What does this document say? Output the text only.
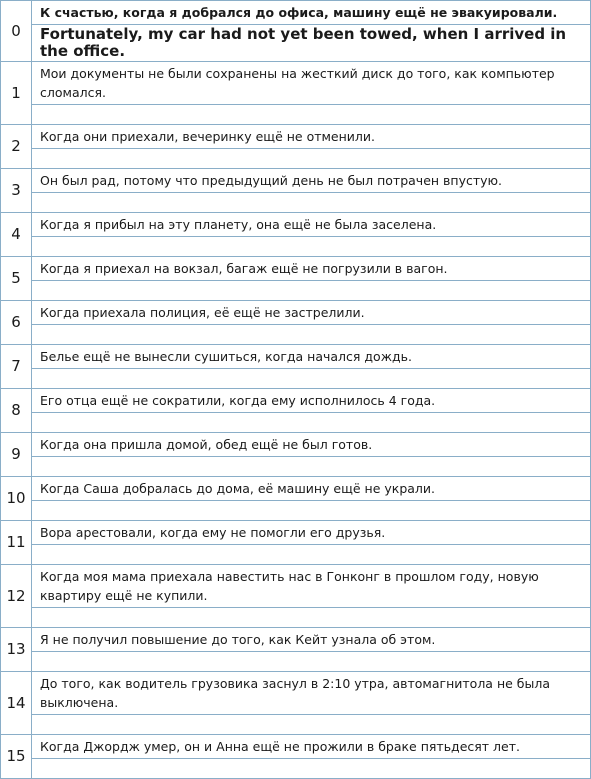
0	К счастью, когда я добрался до офиса, машину ещё не эвакуировали.
	Fortunately, my car had not yet been towed, when I arrived in the office.
1	Мои документы не были сохранены на жесткий диск до того, как компьютер сломался.

2	Когда они приехали, вечеринку ещё не отменили.

3	Он был рад, потому что предыдущий день не был потрачен впустую.

4	Когда я прибыл на эту планету, она ещё не была заселена.

5	Когда я приехал на вокзал, багаж ещё не погрузили в вагон.

6	Когда приехала полиция, её ещё не застрелили.

7	Белье ещё не вынесли сушиться, когда начался дождь.

8	Его отца ещё не сократили, когда ему исполнилось 4 года.

9	Когда она пришла домой, обед ещё не был готов.

10	Когда Саша добралась до дома, её машину ещё не украли.

11	Вора арестовали, когда ему не помогли его друзья.

12	Когда моя мама приехала навестить нас в Гонконг в прошлом году, новую квартиру ещё не купили.

13	Я не получил повышение до того, как Кейт узнала об этом.

14	До того, как водитель грузовика заснул в 2:10 утра, автомагнитола не была выключена.

15	Когда Джордж умер, он и Анна ещё не прожили в браке пятьдесят лет.
